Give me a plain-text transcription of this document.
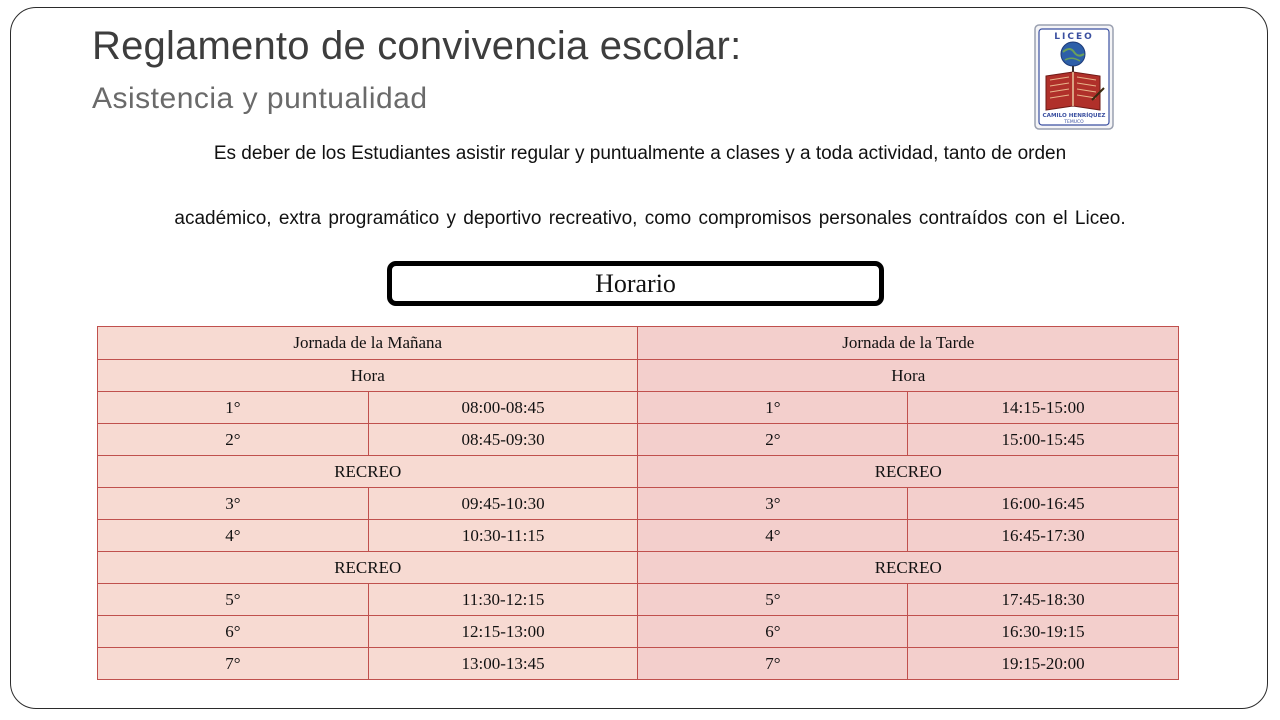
Reglamento de convivencia escolar:
Asistencia y puntualidad
LICEO
CAMILO HENRÍQUEZ
TEMUCO
Es deber de los Estudiantes asistir regular y puntualmente a clases y a toda actividad, tanto de orden
académico, extra programático y deportivo recreativo, como compromisos personales contraídos con el Liceo.
Horario
Jornada de la Mañana		Jornada de la Tarde	
Hora		Hora	
1°	08:00-08:45	1°	14:15-15:00
2°	08:45-09:30	2°	15:00-15:45
RECREO		RECREO	
3°	09:45-10:30	3°	16:00-16:45
4°	10:30-11:15	4°	16:45-17:30
RECREO		RECREO	
5°	11:30-12:15	5°	17:45-18:30
6°	12:15-13:00	6°	16:30-19:15
7°	13:00-13:45	7°	19:15-20:00
